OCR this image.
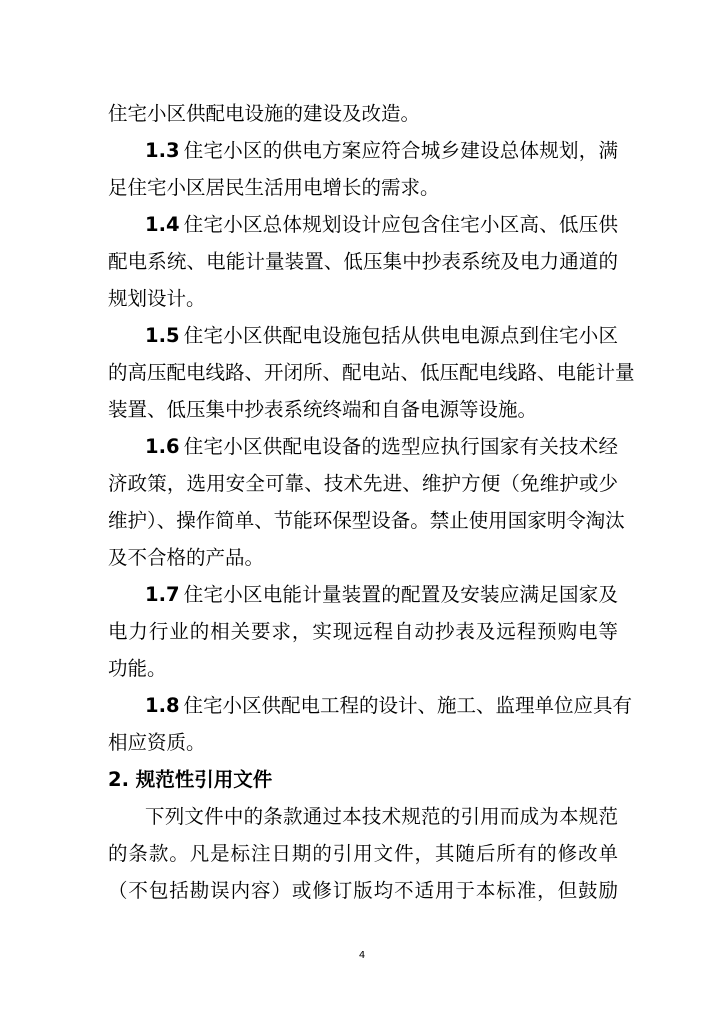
住宅小区供配电设施的建设及改造。
1.3 住宅小区的供电方案应符合城乡建设总体规划，满
足住宅小区居民生活用电增长的需求。
1.4 住宅小区总体规划设计应包含住宅小区高、低压供
配电系统、电能计量装置、低压集中抄表系统及电力通道的
规划设计。
1.5 住宅小区供配电设施包括从供电电源点到住宅小区
的高压配电线路、开闭所、配电站、低压配电线路、电能计量
装置、低压集中抄表系统终端和自备电源等设施。
1.6 住宅小区供配电设备的选型应执行国家有关技术经
济政策，选用安全可靠、技术先进、维护方便（免维护或少
维护）、操作简单、节能环保型设备。禁止使用国家明令淘汰
及不合格的产品。
1.7 住宅小区电能计量装置的配置及安装应满足国家及
电力行业的相关要求，实现远程自动抄表及远程预购电等
功能。
1.8 住宅小区供配电工程的设计、施工、监理单位应具有
相应资质。
2. 规范性引用文件
下列文件中的条款通过本技术规范的引用而成为本规范
的条款。凡是标注日期的引用文件，其随后所有的修改单
（不包括勘误内容）或修订版均不适用于本标准，但鼓励
4
